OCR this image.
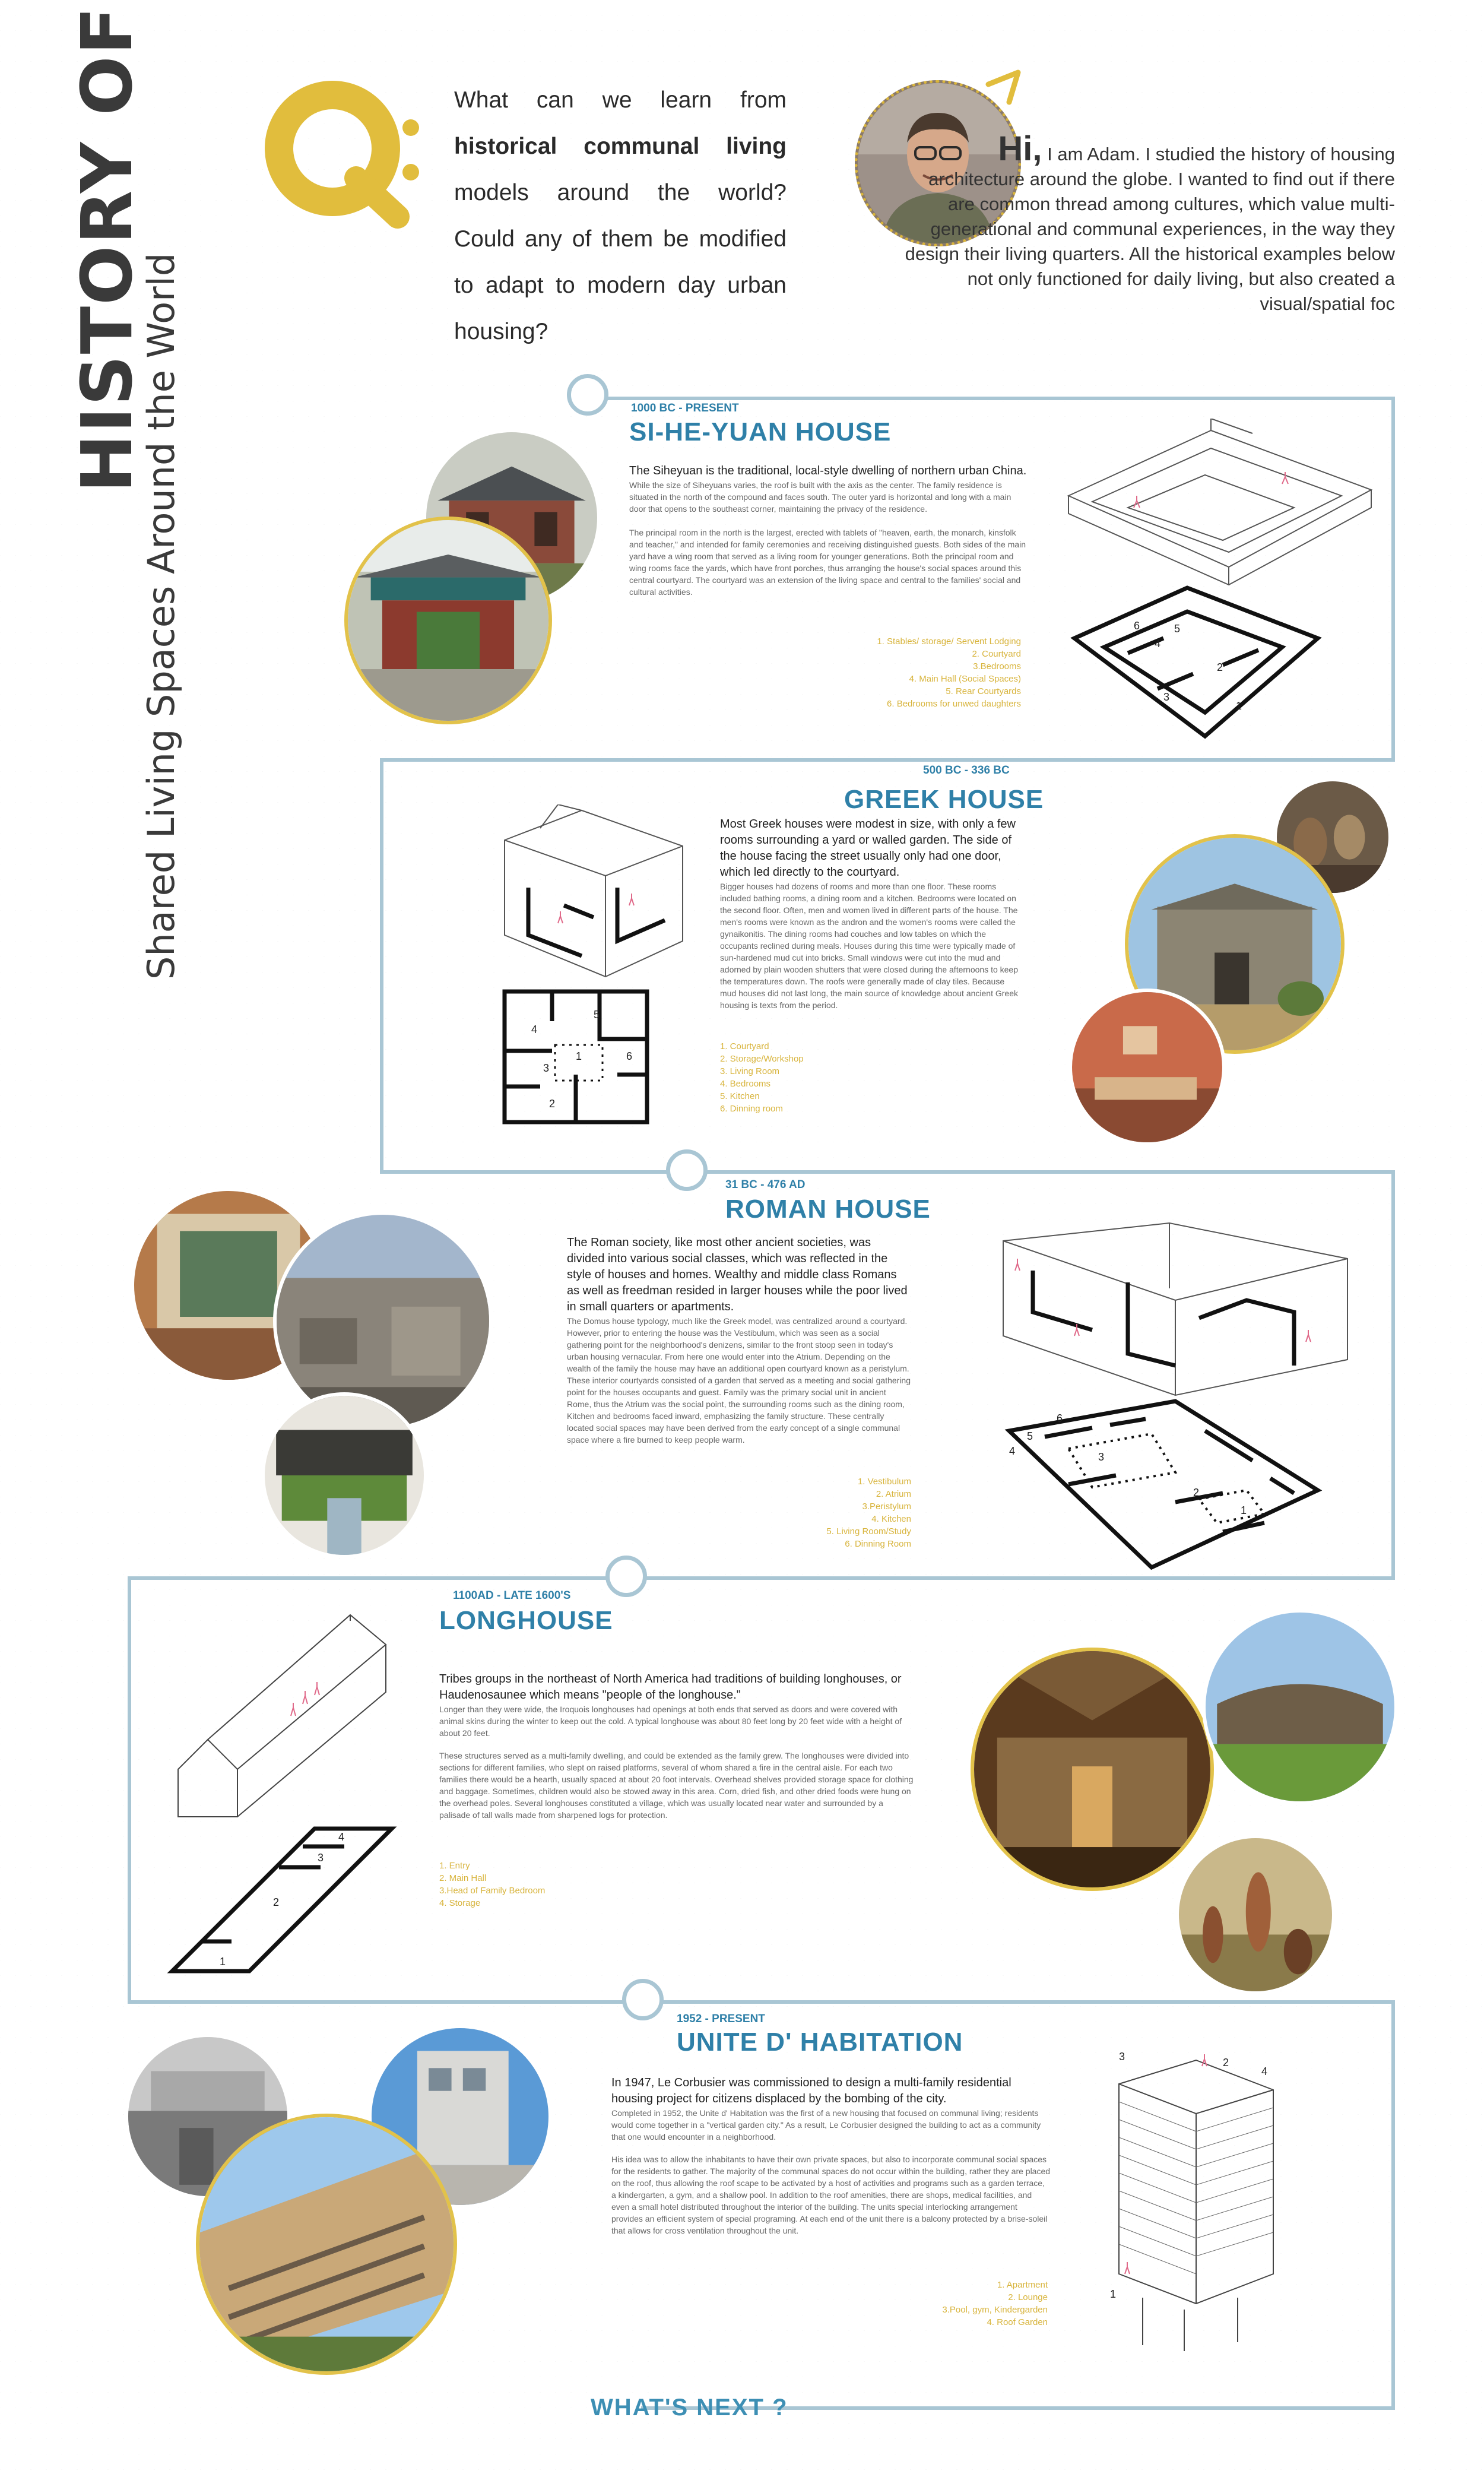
HISTORY OF
Shared Living Spaces Around the World
What can we learn from historical communal living models around the world? Could any of them be modified to adapt to modern day urban housing?
Hi, I am Adam. I studied the history of housing architecture around the globe. I wanted to find out if there are common thread among cultures, which value multi-generational and communal experiences, in the way they design their living quarters. All the historical examples below not only functioned for daily living, but also created a visual/spatial foc
1000 BC - PRESENT
SI-HE-YUAN HOUSE
The Siheyuan is the traditional, local-style dwelling of northern urban China.
While the size of Siheyuans varies, the roof is built with the axis as the center. The family residence is situated in the north of the compound and faces south. The outer yard is horizontal and long with a main door that opens to the southeast corner, maintaining the privacy of the residence.
The principal room in the north is the largest, erected with tablets of "heaven, earth, the monarch, kinsfolk and teacher," and intended for family ceremonies and receiving distinguished guests. Both sides of the main yard have a wing room that served as a living room for younger generations. Both the principal room and wing rooms face the yards, which have front porches, thus arranging the house's social spaces around this central courtyard. The courtyard was an extension of the living space and central to the families' social and cultural activities.
1. Stables/ storage/ Servent Lodging
2. Courtyard
3.Bedrooms
4. Main Hall (Social Spaces)
5. Rear Courtyards
6. Bedrooms for unwed daughters
6	5
4
2
3
1
500 BC - 336 BC
GREEK HOUSE
Most Greek houses were modest in size, with only a few rooms surrounding a yard or walled garden. The side of the house facing the street usually only had one door, which led directly to the courtyard.
Bigger houses had dozens of rooms and more than one floor. These rooms included bathing rooms, a dining room and a kitchen. Bedrooms were located on the second floor. Often, men and women lived in different parts of the house. The men's rooms were known as the andron and the women's rooms were called the gynaikonitis. The dining rooms had couches and low tables on which the occupants reclined during meals. Houses during this time were typically made of sun-hardened mud cut into bricks. Small windows were cut into the mud and adorned by plain wooden shutters that were closed during the afternoons to keep the temperatures down. The roofs were generally made of clay tiles. Because mud houses did not last long, the main source of knowledge about ancient Greek housing is texts from the period.
1. Courtyard
2. Storage/Workshop
3. Living Room
4. Bedrooms
5. Kitchen
6. Dinning room
5
4
3
1	6
2
31 BC - 476 AD
ROMAN HOUSE
The Roman society, like most other ancient societies, was divided into various social classes, which was reflected in the style of houses and homes. Wealthy and middle class Romans as well as freedman resided in larger houses while the poor lived in small quarters or apartments.
The Domus house typology, much like the Greek model, was centralized around a courtyard. However, prior to entering the house was the Vestibulum, which was seen as a social gathering point for the neighborhood's denizens, similar to the front stoop seen in today's urban housing vernacular. From here one would enter into the Atrium. Depending on the wealth of the family the house may have an additional open courtyard known as a peristylum. These interior courtyards consisted of a garden that served as a meeting and social gathering point for the houses occupants and guest. Family was the primary social unit in ancient Rome, thus the Atrium was the social point, the surrounding rooms such as the dining room, Kitchen and bedrooms faced inward, emphasizing the family structure. These centrally located social spaces may have been derived from the early concept of a single communal space where a fire burned to keep people warm.
1. Vestibulum
2. Atrium
3.Peristylum
4. Kitchen
5. Living Room/Study
6. Dinning Room
6
5
4	3
2
1
1100AD - LATE 1600'S
LONGHOUSE
Tribes groups in the northeast of North America had traditions of building longhouses, or Haudenosaunee which means "people of the longhouse."
Longer than they were wide, the Iroquois longhouses had openings at both ends that served as doors and were covered with animal skins during the winter to keep out the cold. A typical longhouse was about 80 feet long by 20 feet wide with a height of about 20 feet.
These structures served as a multi-family dwelling, and could be extended as the family grew. The longhouses were divided into sections for different families, who slept on raised platforms, several of whom shared a fire in the central aisle. For each two families there would be a hearth, usually spaced at about 20 foot intervals. Overhead shelves provided storage space for clothing and baggage. Sometimes, children would also be stowed away in this area. Corn, dried fish, and other dried foods were hung on the overhead poles. Several longhouses constituted a village, which was usually located near water and surrounded by a palisade of tall walls made from sharpened logs for protection.
1. Entry
2. Main Hall
3.Head of Family Bedroom
4. Storage
1
2
3
4
1952 - PRESENT
UNITE D' HABITATION
In 1947, Le Corbusier was commissioned to design a multi-family residential housing project for citizens displaced by the bombing of the city.
Completed in 1952, the Unite d' Habitation was the first of a new housing that focused on communal living; residents would come together in a "vertical garden city." As a result, Le Corbusier designed the building to act as a community that one would encounter in a neighborhood.
His idea was to allow the inhabitants to have their own private spaces, but also to incorporate communal social spaces for the residents to gather. The majority of the communal spaces do not occur within the building, rather they are placed on the roof, thus allowing the roof scape to be activated by a host of activities and programs such as a garden terrace, a kindergarten, a gym, and a shallow pool. In addition to the roof amenities, there are shops, medical facilities, and even a small hotel distributed throughout the interior of the building. The units special interlocking arrangement provides an efficient system of special programing. At each end of the unit there is a balcony protected by a brise-soleil that allows for cross ventilation throughout the unit.
1. Apartment
2. Lounge
3.Pool, gym, Kindergarden
4. Roof Garden
1
2
3
4
WHAT'S NEXT ?
